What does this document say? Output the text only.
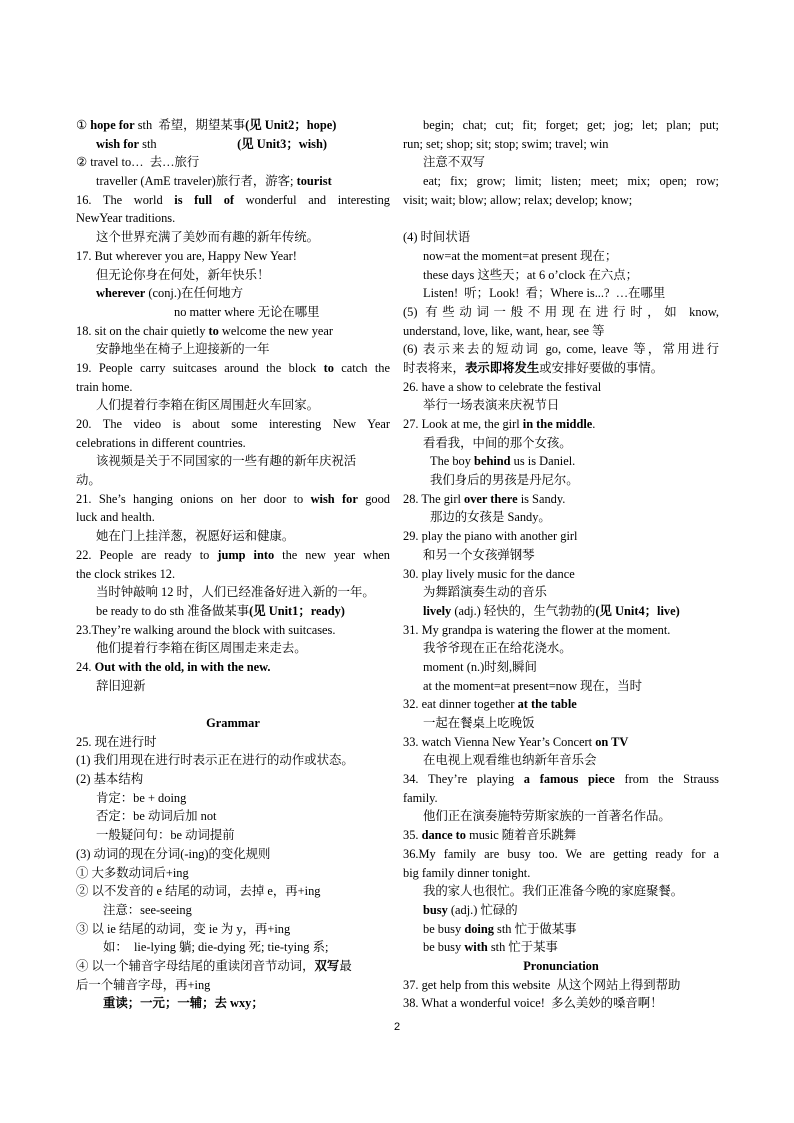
① hope for sth  希望，期望某事(见 Unit2；hope)
wish for sth                          (见 Unit3；wish)
② travel to…  去…旅行
traveller (AmE traveler)旅行者，游客; tourist
16. The world is full of wonderful and interesting
NewYear traditions.
这个世界充满了美妙而有趣的新年传统。
17. But wherever you are, Happy New Year!
但无论你身在何处，新年快乐！
wherever (conj.)在任何地方
no matter where 无论在哪里
18. sit on the chair quietly to welcome the new year
安静地坐在椅子上迎接新的一年
19. People carry suitcases around the block to catch the
train home.
人们提着行李箱在街区周围赶火车回家。
20. The video is about some interesting New Year
celebrations in different countries.
该视频是关于不同国家的一些有趣的新年庆祝活
动。
21. She’s hanging onions on her door to wish for good
luck and health.
她在门上挂洋葱，祝愿好运和健康。
22. People are ready to jump into the new year when
the clock strikes 12.
当时钟敲响 12 时，人们已经准备好进入新的一年。
be ready to do sth 准备做某事(见 Unit1；ready)
23.They’re walking around the block with suitcases.
他们提着行李箱在街区周围走来走去。
24. Out with the old, in with the new.
辞旧迎新
Grammar
25. 现在进行时
(1) 我们用现在进行时表示正在进行的动作或状态。
(2) 基本结构
肯定：be + doing
否定：be 动词后加 not
一般疑问句：be 动词提前
(3) 动词的现在分词(-ing)的变化规则
① 大多数动词后+ing
② 以不发音的 e 结尾的动词，去掉 e，再+ing
注意：see-seeing
③ 以 ie 结尾的动词，变 ie 为 y，再+ing
如：  lie-lying 躺; die-dying 死; tie-tying 系;
④ 以一个辅音字母结尾的重读闭音节动词，双写最
后一个辅音字母，再+ing
重读；一元；一辅；去 wxy；
begin; chat; cut; fit; forget; get; jog; let; plan; put;
run; set; shop; sit; stop; swim; travel; win
注意不双写
eat; fix; grow; limit; listen; meet; mix; open; row;
visit; wait; blow; allow; relax; develop; know;
(4) 时间状语
now=at the moment=at present 现在；
these days 这些天；at 6 o’clock 在六点；
Listen!  听；Look!  看；Where is...?  …在哪里
(5) 有些动词一般不用现在进行时，如 know,
understand, love, like, want, hear, see 等
(6) 表示来去的短动词 go, come, leave 等，常用进行
时表将来，表示即将发生或安排好要做的事情。
26. have a show to celebrate the festival
举行一场表演来庆祝节日
27. Look at me, the girl in the middle.
看看我，中间的那个女孩。
The boy behind us is Daniel.
我们身后的男孩是丹尼尔。
28. The girl over there is Sandy.
那边的女孩是 Sandy。
29. play the piano with another girl
和另一个女孩弹钢琴
30. play lively music for the dance
为舞蹈演奏生动的音乐
lively (adj.) 轻快的，生气勃勃的(见 Unit4；live)
31. My grandpa is watering the flower at the moment.
我爷爷现在正在给花浇水。
moment (n.)时刻,瞬间
at the moment=at present=now 现在，当时
32. eat dinner together at the table
一起在餐桌上吃晚饭
33. watch Vienna New Year’s Concert on TV
在电视上观看维也纳新年音乐会
34. They’re playing a famous piece from the Strauss
family.
他们正在演奏施特劳斯家族的一首著名作品。
35. dance to music 随着音乐跳舞
36.My family are busy too. We are getting ready for a
big family dinner tonight.
我的家人也很忙。我们正准备今晚的家庭聚餐。
busy (adj.) 忙碌的
be busy doing sth 忙于做某事
be busy with sth 忙于某事
Pronunciation
37. get help from this website  从这个网站上得到帮助
38. What a wonderful voice!  多么美妙的嗓音啊！
2
